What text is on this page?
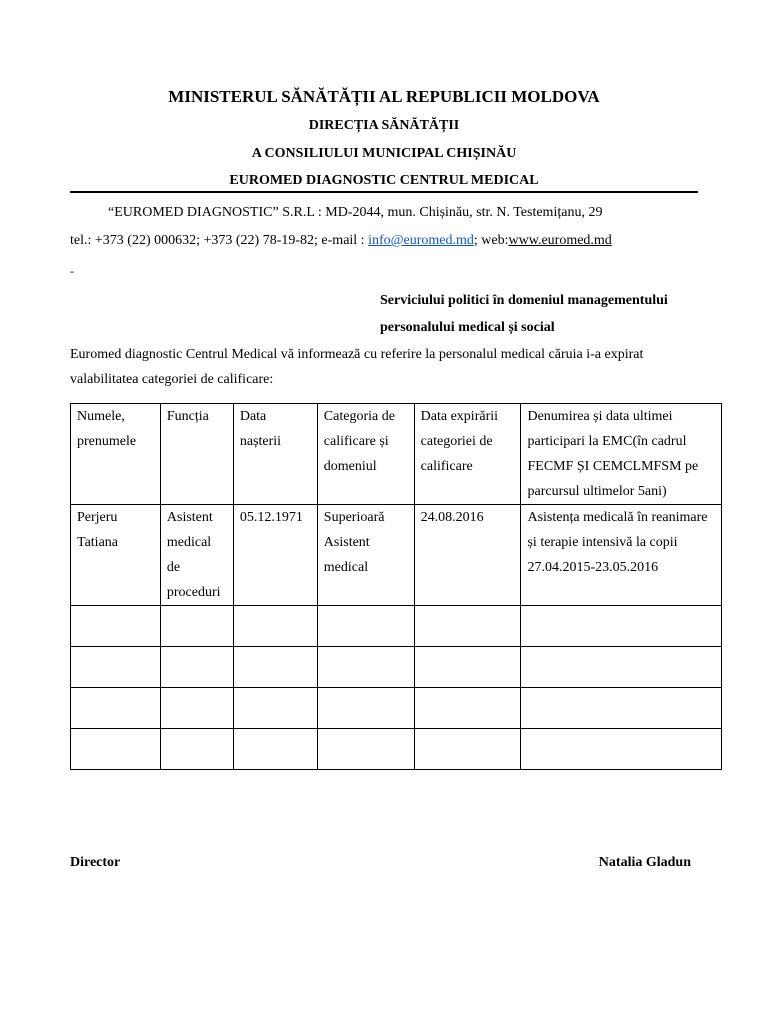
MINISTERUL SĂNĂTĂȚII AL REPUBLICII MOLDOVA
DIRECȚIA SĂNĂTĂȚII
A CONSILIULUI MUNICIPAL CHIȘINĂU
EUROMED DIAGNOSTIC CENTRUL MEDICAL
“EUROMED DIAGNOSTIC” S.R.L : MD-2044, mun. Chișinău, str. N. Testemițanu, 29
tel.: +373 (22) 000632; +373 (22) 78-19-82; e-mail : info@euromed.md; web:www.euromed.md
-
Serviciului politici în domeniul managementului
personalului medical și social
Euromed diagnostic Centrul Medical vă informează cu referire la personalul medical căruia i-a expirat valabilitatea categoriei de calificare:
Numele, prenumele	Funcția	Data nașterii	Categoria de calificare și domeniul	Data expirării categoriei de calificare	Denumirea și data ultimei participari la EMC(în cadrul FECMF ȘI CEMCLMFSM pe parcursul ultimelor 5ani)
Perjeru Tatiana	Asistent medical de proceduri	05.12.1971	Superioară Asistent medical	24.08.2016	Asistența medicală în reanimare și terapie intensivă la copii 27.04.2015-23.05.2016

Director	Natalia Gladun
